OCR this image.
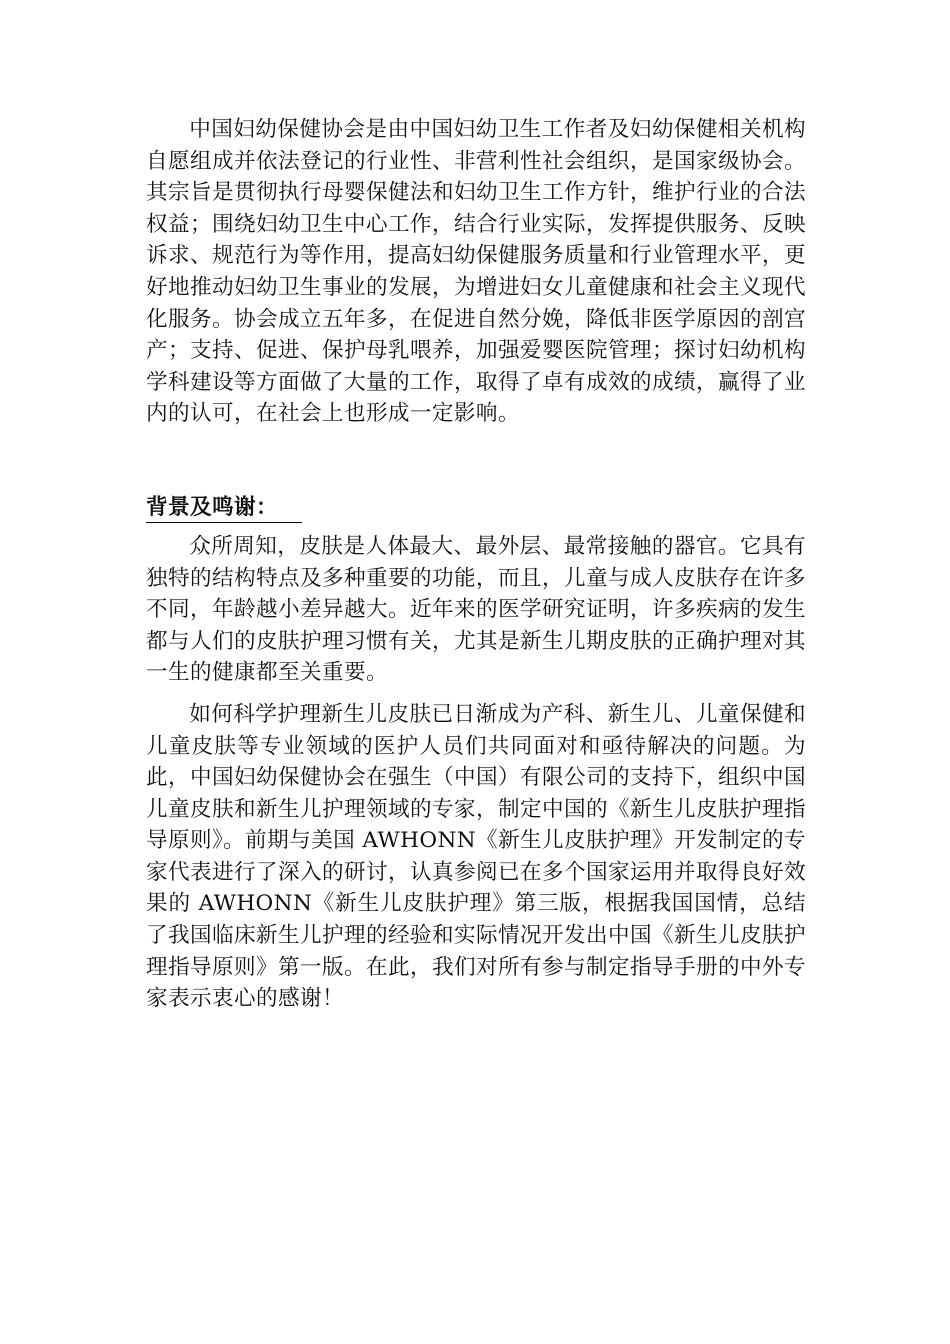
中国妇幼保健协会是由中国妇幼卫生工作者及妇幼保健相关机构自愿组成并依法登记的行业性、非营利性社会组织，是国家级协会。其宗旨是贯彻执行母婴保健法和妇幼卫生工作方针，维护行业的合法权益；围绕妇幼卫生中心工作，结合行业实际，发挥提供服务、反映诉求、规范行为等作用，提高妇幼保健服务质量和行业管理水平，更好地推动妇幼卫生事业的发展，为增进妇女儿童健康和社会主义现代化服务。协会成立五年多，在促进自然分娩，降低非医学原因的剖宫产；支持、促进、保护母乳喂养，加强爱婴医院管理；探讨妇幼机构学科建设等方面做了大量的工作，取得了卓有成效的成绩，赢得了业内的认可，在社会上也形成一定影响。

背景及鸣谢：

众所周知，皮肤是人体最大、最外层、最常接触的器官。它具有独特的结构特点及多种重要的功能，而且，儿童与成人皮肤存在许多不同，年龄越小差异越大。近年来的医学研究证明，许多疾病的发生都与人们的皮肤护理习惯有关，尤其是新生儿期皮肤的正确护理对其一生的健康都至关重要。

如何科学护理新生儿皮肤已日渐成为产科、新生儿、儿童保健和儿童皮肤等专业领域的医护人员们共同面对和亟待解决的问题。为此，中国妇幼保健协会在强生（中国）有限公司的支持下，组织中国儿童皮肤和新生儿护理领域的专家，制定中国的《新生儿皮肤护理指导原则》。前期与美国 AWHONN《新生儿皮肤护理》开发制定的专家代表进行了深入的研讨，认真参阅已在多个国家运用并取得良好效果的 AWHONN《新生儿皮肤护理》第三版，根据我国国情，总结了我国临床新生儿护理的经验和实际情况开发出中国《新生儿皮肤护理指导原则》第一版。在此，我们对所有参与制定指导手册的中外专家表示衷心的感谢！
